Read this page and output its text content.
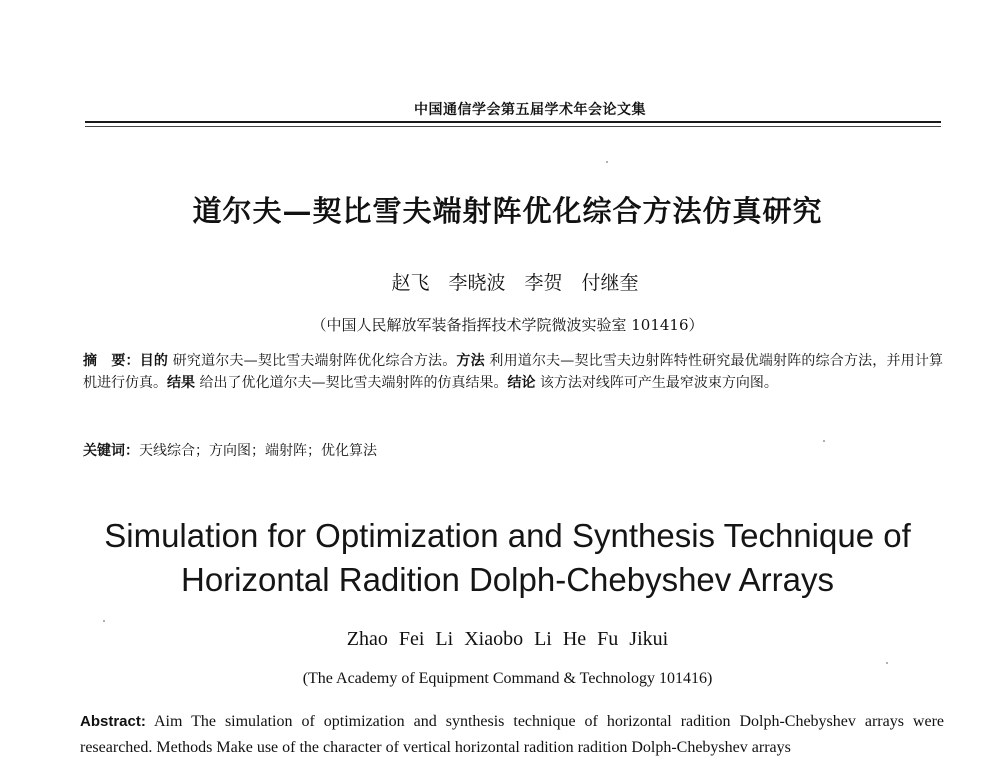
中国通信学会第五届学术年会论文集
道尔夫—契比雪夫端射阵优化综合方法仿真研究
赵飞　李晓波　李贺　付继奎
（中国人民解放军装备指挥技术学院微波实验室 101416）
摘　要：目的 研究道尔夫—契比雪夫端射阵优化综合方法。方法 利用道尔夫—契比雪夫边射阵特性研究最优端射阵的综合方法，并用计算机进行仿真。结果 给出了优化道尔夫—契比雪夫端射阵的仿真结果。结论 该方法对线阵可产生最窄波束方向图。
关键词：天线综合；方向图；端射阵；优化算法
Simulation for Optimization and Synthesis Technique of
Horizontal Radition Dolph-Chebyshev Arrays
Zhao Fei Li Xiaobo Li He Fu Jikui
(The Academy of Equipment Command & Technology 101416)
Abstract: Aim The simulation of optimization and synthesis technique of horizontal radition Dolph-Chebyshev arrays were researched. Methods Make use of the character of vertical horizontal radition radition Dolph-Chebyshev arrays
